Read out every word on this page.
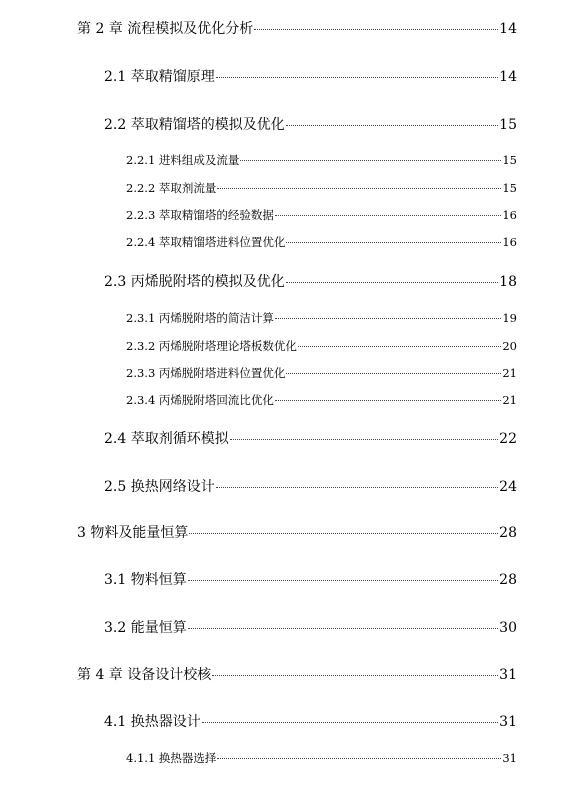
第 2 章 流程模拟及优化分析	14
2.1 萃取精馏原理	14
2.2 萃取精馏塔的模拟及优化	15
2.2.1 进料组成及流量	15
2.2.2 萃取剂流量	15
2.2.3 萃取精馏塔的经验数据	16
2.2.4 萃取精馏塔进料位置优化	16
2.3 丙烯脱附塔的模拟及优化	18
2.3.1 丙烯脱附塔的简洁计算	19
2.3.2 丙烯脱附塔理论塔板数优化	20
2.3.3 丙烯脱附塔进料位置优化	21
2.3.4 丙烯脱附塔回流比优化	21
2.4 萃取剂循环模拟	22
2.5 换热网络设计	24
3 物料及能量恒算	28
3.1 物料恒算	28
3.2 能量恒算	30
第 4 章 设备设计校核	31
4.1 换热器设计	31
4.1.1 换热器选择	31
